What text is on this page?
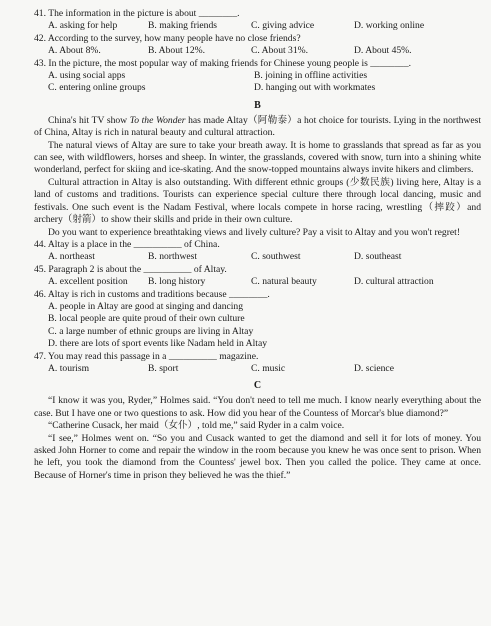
41. The information in the picture is about ________.
A. asking for help	B. making friends	C. giving advice	D. working online
42. According to the survey, how many people have no close friends?
A. About 8%.	B. About 12%.	C. About 31%.	D. About 45%.
43. In the picture, the most popular way of making friends for Chinese young people is ________.
A. using social apps	B. joining in offline activities
C. entering online groups	D. hanging out with workmates
B

China's hit TV show To the Wonder has made Altay（阿勒泰）a hot choice for tourists. Lying in the northwest of China, Altay is rich in natural beauty and cultural attraction.

The natural views of Altay are sure to take your breath away. It is home to grasslands that spread as far as you can see, with wildflowers, horses and sheep. In winter, the grasslands, covered with snow, turn into a shining white wonderland, perfect for skiing and ice-skating. And the snow-topped mountains always invite hikers and climbers.

Cultural attraction in Altay is also outstanding. With different ethnic groups (少数民族) living here, Altay is a land of customs and traditions. Tourists can experience special culture there through local dancing, music and festivals. One such event is the Nadam Festival, where locals compete in horse racing, wrestling（摔跤）and archery（射箭）to show their skills and pride in their own culture.

Do you want to experience breathtaking views and lively culture? Pay a visit to Altay and you won't regret!

44. Altay is a place in the __________ of China.
A. northeast	B. northwest	C. southwest	D. southeast
45. Paragraph 2 is about the __________ of Altay.
A. excellent position	B. long history	C. natural beauty	D. cultural attraction
46. Altay is rich in customs and traditions because ________.
A. people in Altay are good at singing and dancing
B. local people are quite proud of their own culture
C. a large number of ethnic groups are living in Altay
D. there are lots of sport events like Nadam held in Altay
47. You may read this passage in a __________ magazine.
A. tourism	B. sport	C. music	D. science
C

“I know it was you, Ryder,” Holmes said. “You don't need to tell me much. I know nearly everything about the case. But I have one or two questions to ask. How did you hear of the Countess of Morcar's blue diamond?”

“Catherine Cusack, her maid（女仆）, told me,” said Ryder in a calm voice.

“I see,” Holmes went on. “So you and Cusack wanted to get the diamond and sell it for lots of money. You asked John Horner to come and repair the window in the room because you knew he was once sent to prison. When he left, you took the diamond from the Countess' jewel box. Then you called the police. They came at once. Because of Horner's time in prison they believed he was the thief.”
